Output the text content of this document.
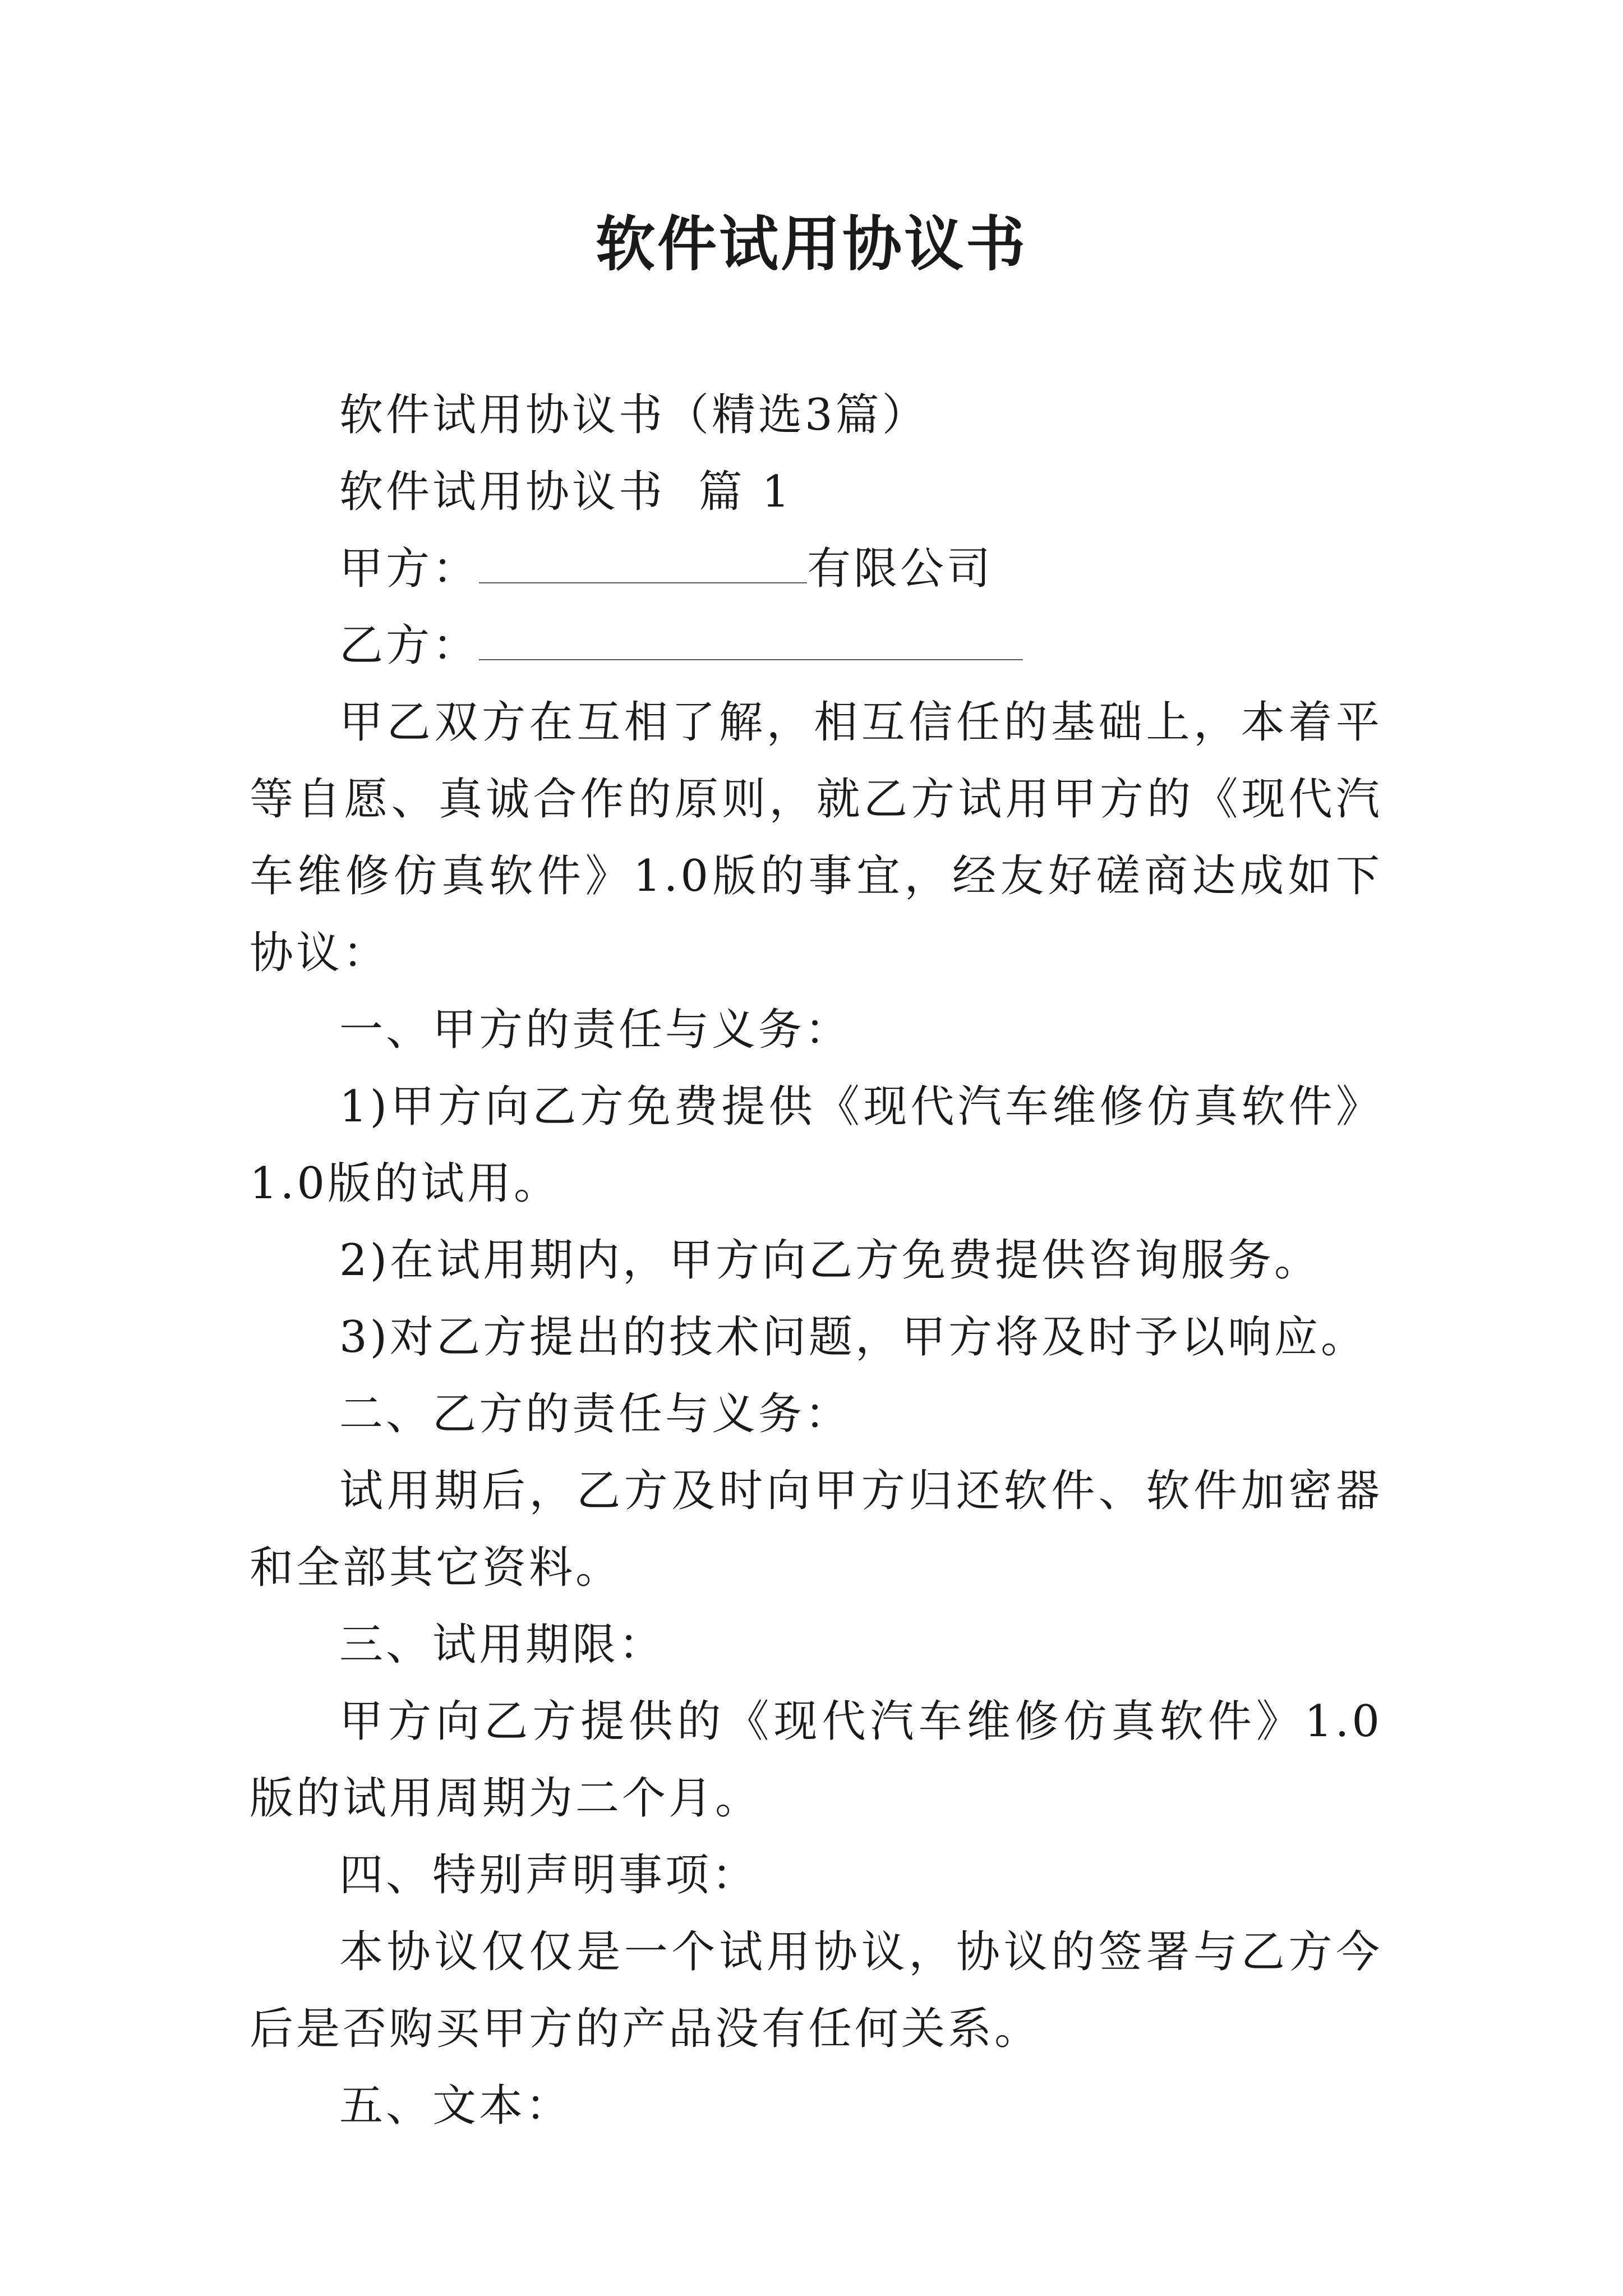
软件试用协议书

软件试用协议书（精选3篇）

软件试用协议书  篇 1

甲方：	有限公司

乙方：

甲乙双方在互相了解，相互信任的基础上，本着平等自愿、真诚合作的原则，就乙方试用甲方的《现代汽车维修仿真软件》1.0版的事宜，经友好磋商达成如下协议：

一、甲方的责任与义务：

1)甲方向乙方免费提供《现代汽车维修仿真软件》1.0版的试用。

2)在试用期内，甲方向乙方免费提供咨询服务。

3)对乙方提出的技术问题，甲方将及时予以响应。

二、乙方的责任与义务：

试用期后，乙方及时向甲方归还软件、软件加密器和全部其它资料。

三、试用期限：

甲方向乙方提供的《现代汽车维修仿真软件》1.0版的试用周期为二个月。

四、特别声明事项：

本协议仅仅是一个试用协议，协议的签署与乙方今后是否购买甲方的产品没有任何关系。

五、文本：
